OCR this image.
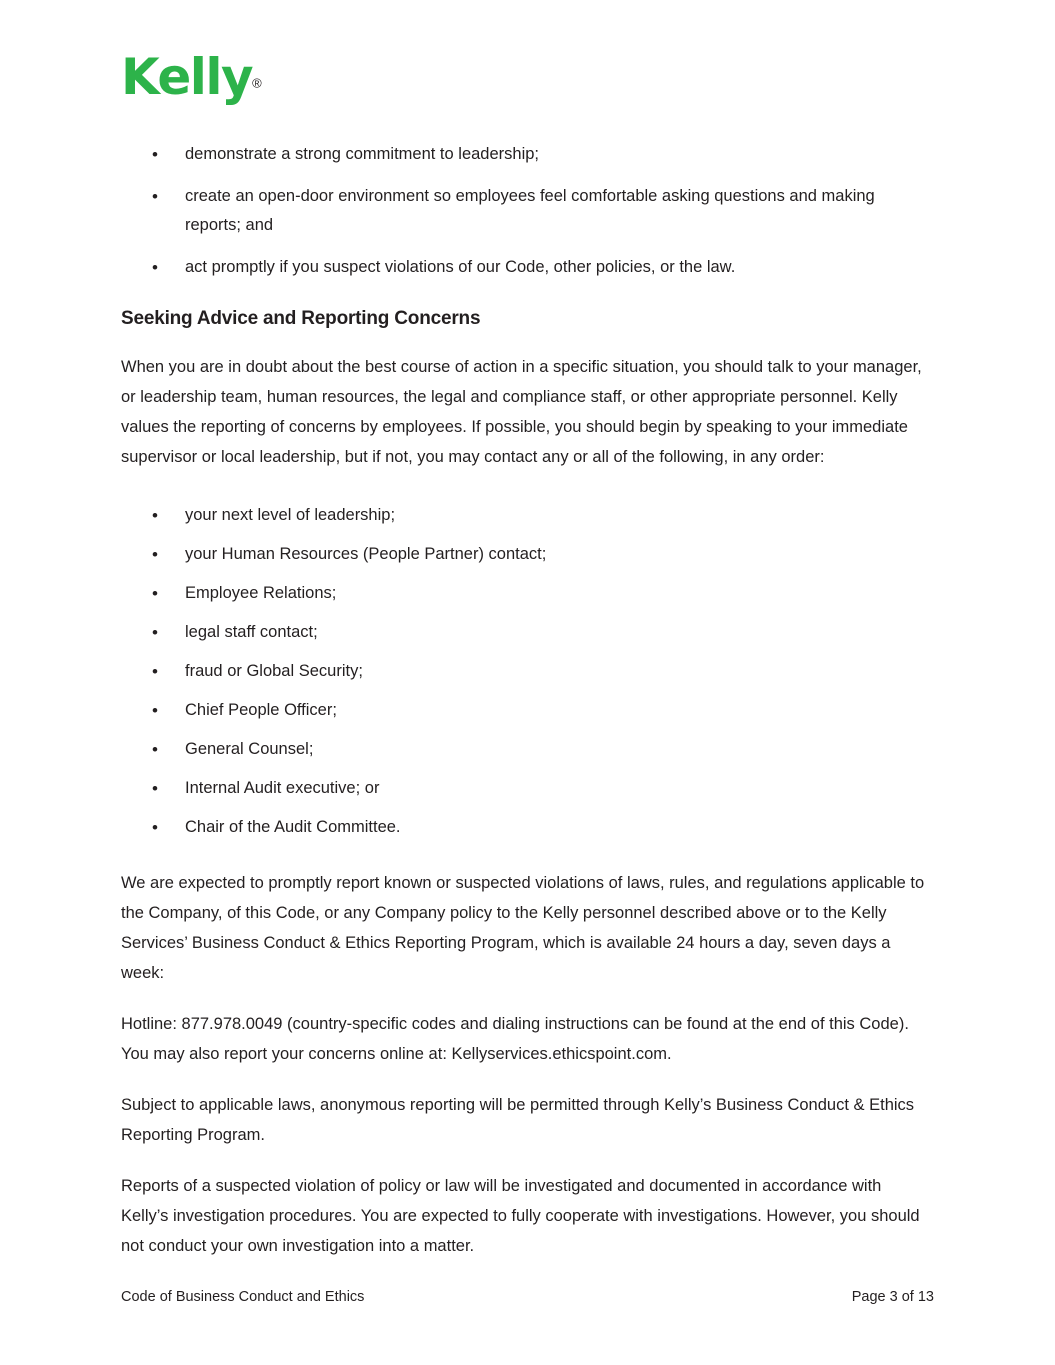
Kelly®
• demonstrate a strong commitment to leadership;
• create an open-door environment so employees feel comfortable asking questions and making reports; and
• act promptly if you suspect violations of our Code, other policies, or the law.
Seeking Advice and Reporting Concerns

When you are in doubt about the best course of action in a specific situation, you should talk to your manager, or leadership team, human resources, the legal and compliance staff, or other appropriate personnel. Kelly values the reporting of concerns by employees. If possible, you should begin by speaking to your immediate supervisor or local leadership, but if not, you may contact any or all of the following, in any order:

• your next level of leadership;
• your Human Resources (People Partner) contact;
• Employee Relations;
• legal staff contact;
• fraud or Global Security;
• Chief People Officer;
• General Counsel;
• Internal Audit executive; or
• Chair of the Audit Committee.

We are expected to promptly report known or suspected violations of laws, rules, and regulations applicable to the Company, of this Code, or any Company policy to the Kelly personnel described above or to the Kelly Services’ Business Conduct & Ethics Reporting Program, which is available 24 hours a day, seven days a week:

Hotline: 877.978.0049 (country-specific codes and dialing instructions can be found at the end of this Code). You may also report your concerns online at: Kellyservices.ethicspoint.com.

Subject to applicable laws, anonymous reporting will be permitted through Kelly’s Business Conduct & Ethics Reporting Program.

Reports of a suspected violation of policy or law will be investigated and documented in accordance with Kelly’s investigation procedures. You are expected to fully cooperate with investigations. However, you should not conduct your own investigation into a matter.

Code of Business Conduct and Ethics	Page 3 of 13
